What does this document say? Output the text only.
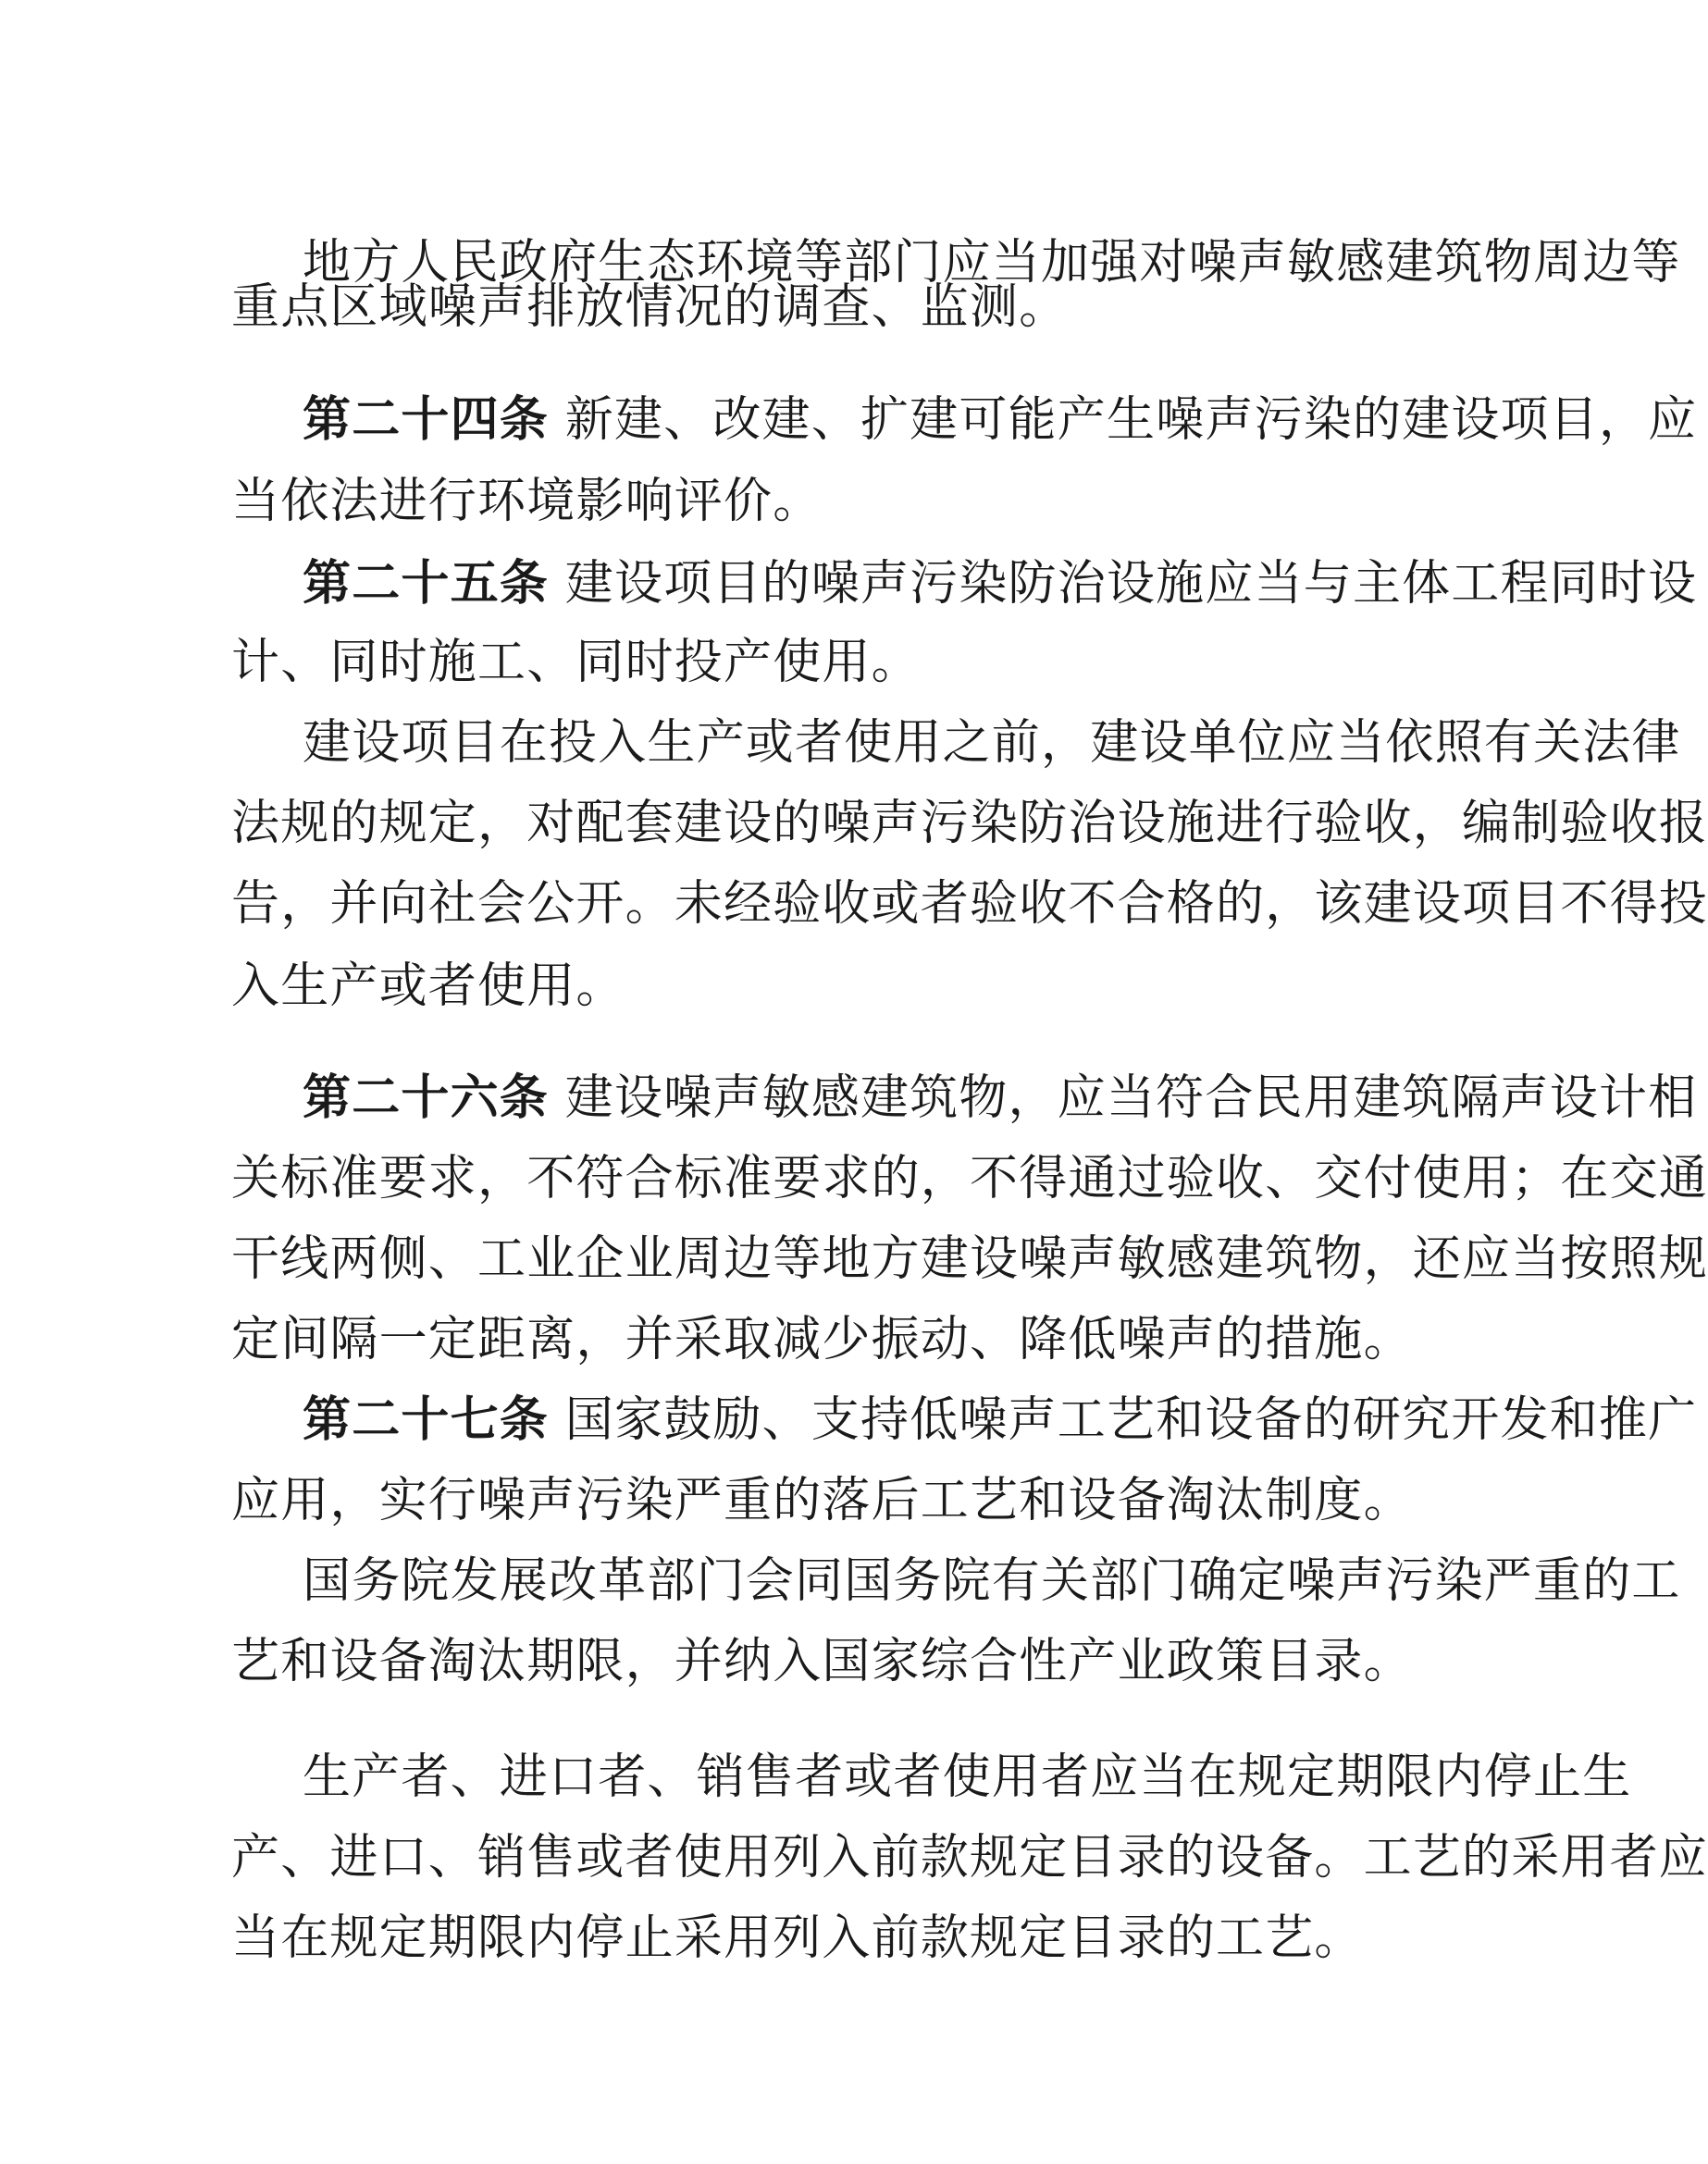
地方人民政府生态环境等部门应当加强对噪声敏感建筑物周边等
重点区域噪声排放情况的调查、监测。
第二十四条 新建、改建、扩建可能产生噪声污染的建设项目，应
当依法进行环境影响评价。
第二十五条 建设项目的噪声污染防治设施应当与主体工程同时设
计、同时施工、同时投产使用。
建设项目在投入生产或者使用之前，建设单位应当依照有关法律
法规的规定，对配套建设的噪声污染防治设施进行验收，编制验收报
告，并向社会公开。未经验收或者验收不合格的，该建设项目不得投
入生产或者使用。
第二十六条 建设噪声敏感建筑物，应当符合民用建筑隔声设计相
关标准要求，不符合标准要求的，不得通过验收、交付使用；在交通
干线两侧、工业企业周边等地方建设噪声敏感建筑物，还应当按照规
定间隔一定距离，并采取减少振动、降低噪声的措施。
第二十七条 国家鼓励、支持低噪声工艺和设备的研究开发和推广
应用，实行噪声污染严重的落后工艺和设备淘汰制度。
国务院发展改革部门会同国务院有关部门确定噪声污染严重的工
艺和设备淘汰期限，并纳入国家综合性产业政策目录。
生产者、进口者、销售者或者使用者应当在规定期限内停止生
产、进口、销售或者使用列入前款规定目录的设备。工艺的采用者应
当在规定期限内停止采用列入前款规定目录的工艺。
